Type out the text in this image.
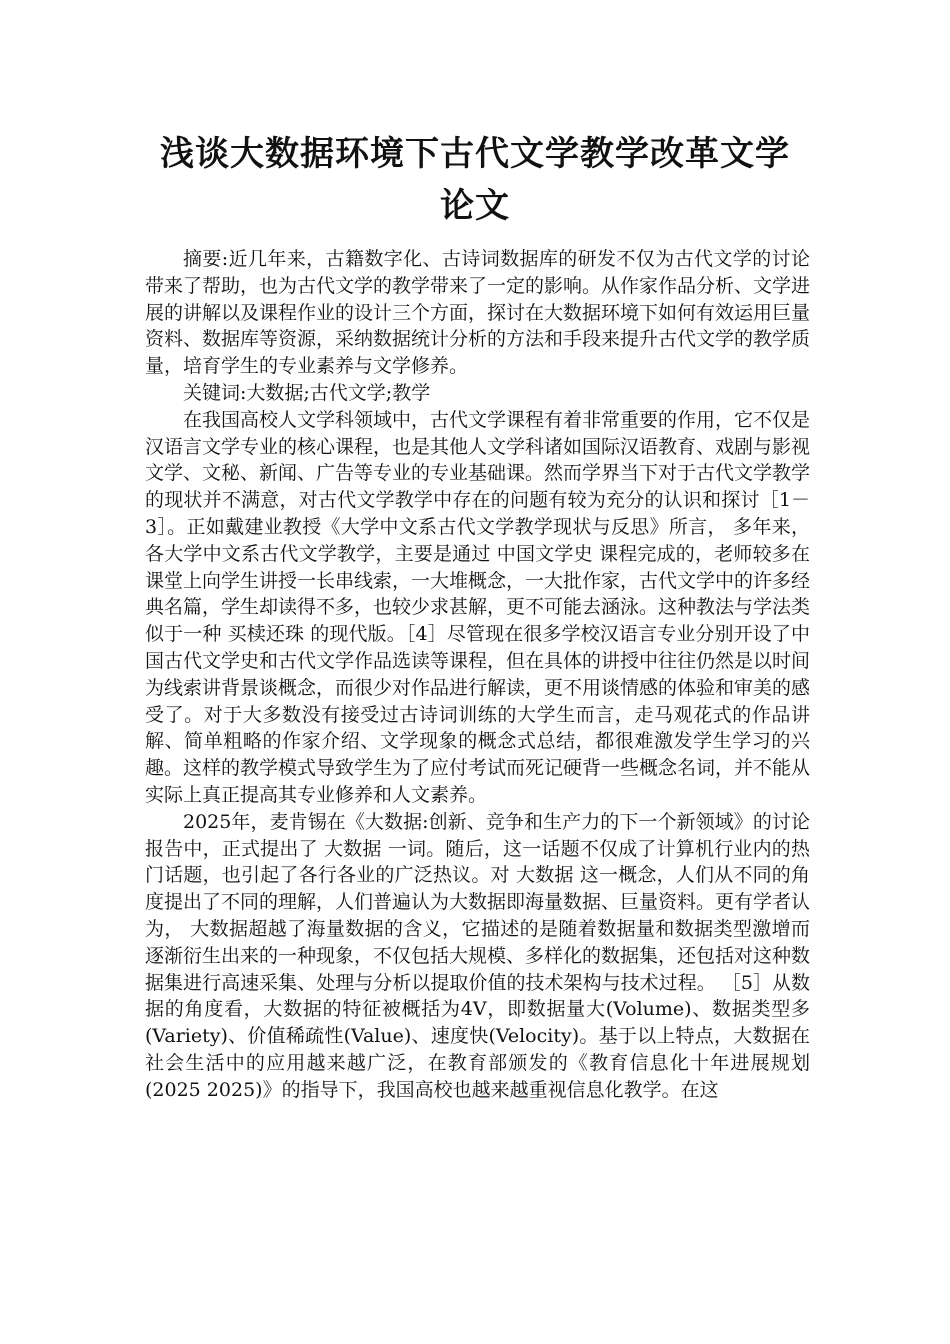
浅谈大数据环境下古代文学教学改革文学
论文

摘要:近几年来，古籍数字化、古诗词数据库的研发不仅为古代文学的讨论带来了帮助，也为古代文学的教学带来了一定的影响。从作家作品分析、文学进展的讲解以及课程作业的设计三个方面，探讨在大数据环境下如何有效运用巨量资料、数据库等资源，采纳数据统计分析的方法和手段来提升古代文学的教学质量，培育学生的专业素养与文学修养。

关键词:大数据;古代文学;教学

在我国高校人文学科领域中，古代文学课程有着非常重要的作用，它不仅是汉语言文学专业的核心课程，也是其他人文学科诸如国际汉语教育、戏剧与影视文学、文秘、新闻、广告等专业的专业基础课。然而学界当下对于古代文学教学的现状并不满意，对古代文学教学中存在的问题有较为充分的认识和探讨［1－3］。正如戴建业教授《大学中文系古代文学教学现状与反思》所言， 多年来，各大学中文系古代文学教学，主要是通过 中国文学史 课程完成的，老师较多在课堂上向学生讲授一长串线索，一大堆概念，一大批作家，古代文学中的许多经典名篇，学生却读得不多，也较少求甚解，更不可能去涵泳。这种教法与学法类似于一种 买椟还珠 的现代版。［4］尽管现在很多学校汉语言专业分别开设了中国古代文学史和古代文学作品选读等课程，但在具体的讲授中往往仍然是以时间为线索讲背景谈概念，而很少对作品进行解读，更不用谈情感的体验和审美的感受了。对于大多数没有接受过古诗词训练的大学生而言，走马观花式的作品讲解、简单粗略的作家介绍、文学现象的概念式总结，都很难激发学生学习的兴趣。这样的教学模式导致学生为了应付考试而死记硬背一些概念名词，并不能从实际上真正提高其专业修养和人文素养。

2025年，麦肯锡在《大数据:创新、竞争和生产力的下一个新领域》的讨论报告中，正式提出了 大数据 一词。随后，这一话题不仅成了计算机行业内的热门话题，也引起了各行各业的广泛热议。对 大数据 这一概念，人们从不同的角度提出了不同的理解，人们普遍认为大数据即海量数据、巨量资料。更有学者认为， 大数据超越了海量数据的含义，它描述的是随着数据量和数据类型激增而逐渐衍生出来的一种现象，不仅包括大规模、多样化的数据集，还包括对这种数据集进行高速采集、处理与分析以提取价值的技术架构与技术过程。 ［5］从数据的角度看，大数据的特征被概括为4V，即数据量大(Volume)、数据类型多(Variety)、价值稀疏性(Value)、速度快(Velocity)。基于以上特点，大数据在社会生活中的应用越来越广泛，在教育部颁发的《教育信息化十年进展规划(2025 2025)》的指导下，我国高校也越来越重视信息化教学。在这
